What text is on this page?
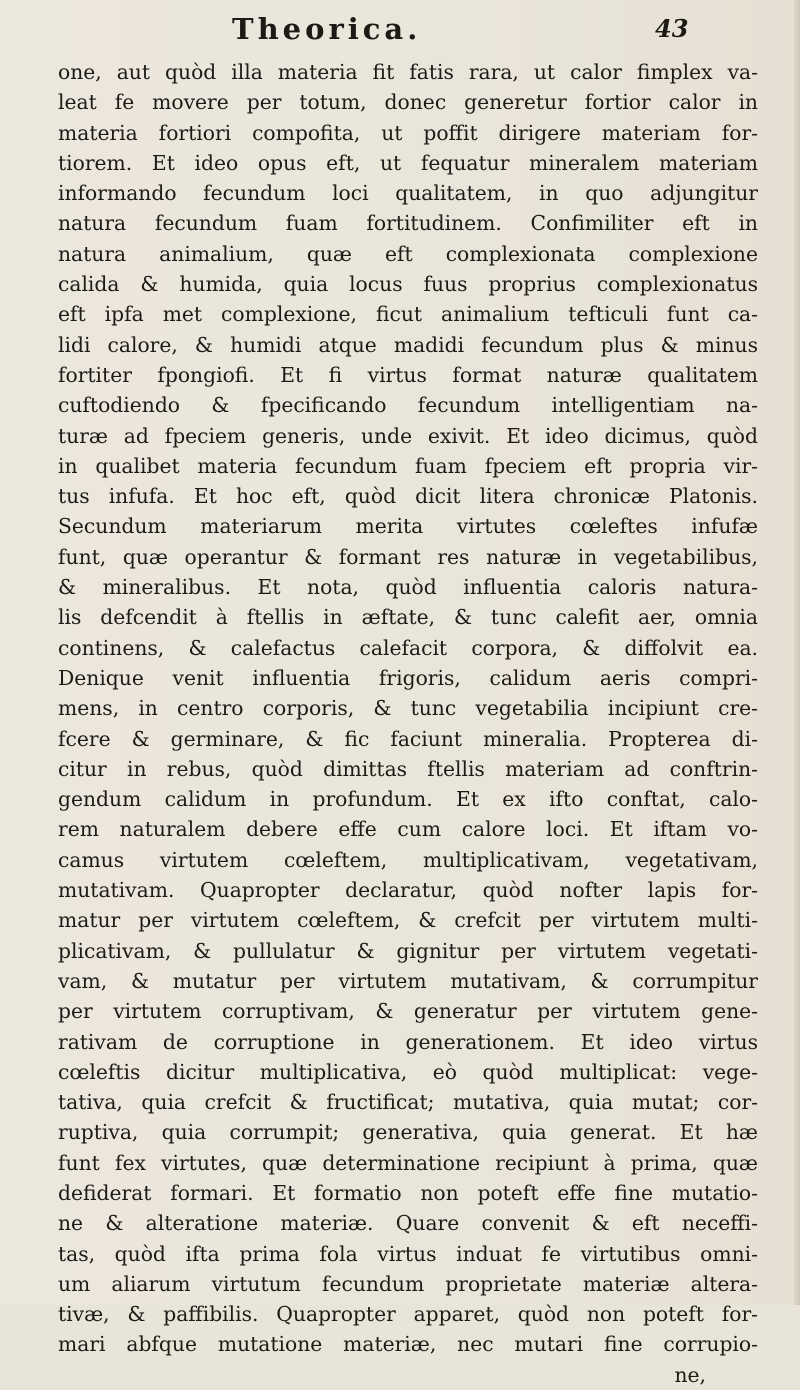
Theorica.	43
one, aut quòd illa materia fit fatis rara, ut calor fimplex va-
leat fe movere per totum, donec generetur fortior calor in
materia fortiori compofita, ut poffit dirigere materiam for-
tiorem. Et ideo opus eft, ut fequatur mineralem materiam
informando fecundum loci qualitatem, in quo adjungitur
natura fecundum fuam fortitudinem. Confimiliter eft in
natura animalium, quæ eft complexionata complexione
calida & humida, quia locus fuus proprius complexionatus
eft ipfa met complexione, ficut animalium tefticuli funt ca-
lidi calore, & humidi atque madidi fecundum plus & minus
fortiter fpongiofi. Et fi virtus format naturæ qualitatem
cuftodiendo & fpecificando fecundum intelligentiam na-
turæ ad fpeciem generis, unde exivit. Et ideo dicimus, quòd
in qualibet materia fecundum fuam fpeciem eft propria vir-
tus infufa. Et hoc eft, quòd dicit litera chronicæ Platonis.
Secundum materiarum merita virtutes cœleftes infufæ
funt, quæ operantur & formant res naturæ in vegetabilibus,
& mineralibus. Et nota, quòd influentia caloris natura-
lis defcendit à ftellis in æftate, & tunc calefit aer, omnia
continens, & calefactus calefacit corpora, & diffolvit ea.
Denique venit influentia frigoris, calidum aeris compri-
mens, in centro corporis, & tunc vegetabilia incipiunt cre-
fcere & germinare, & fic faciunt mineralia. Propterea di-
citur in rebus, quòd dimittas ftellis materiam ad conftrin-
gendum calidum in profundum. Et ex ifto conftat, calo-
rem naturalem debere effe cum calore loci. Et iftam vo-
camus virtutem cœleftem, multiplicativam, vegetativam,
mutativam. Quapropter declaratur, quòd nofter lapis for-
matur per virtutem cœleftem, & crefcit per virtutem multi-
plicativam, & pullulatur & gignitur per virtutem vegetati-
vam, & mutatur per virtutem mutativam, & corrumpitur
per virtutem corruptivam, & generatur per virtutem gene-
rativam de corruptione in generationem. Et ideo virtus
cœleftis dicitur multiplicativa, eò quòd multiplicat: vege-
tativa, quia crefcit & fructificat; mutativa, quia mutat; cor-
ruptiva, quia corrumpit; generativa, quia generat. Et hæ
funt fex virtutes, quæ determinatione recipiunt à prima, quæ
defiderat formari. Et formatio non poteft effe fine mutatio-
ne & alteratione materiæ. Quare convenit & eft neceffi-
tas, quòd ifta prima fola virtus induat fe virtutibus omni-
um aliarum virtutum fecundum proprietate materiæ altera-
tivæ, & paffibilis. Quapropter apparet, quòd non poteft for-
mari abfque mutatione materiæ, nec mutari fine corrupio-
ne,
